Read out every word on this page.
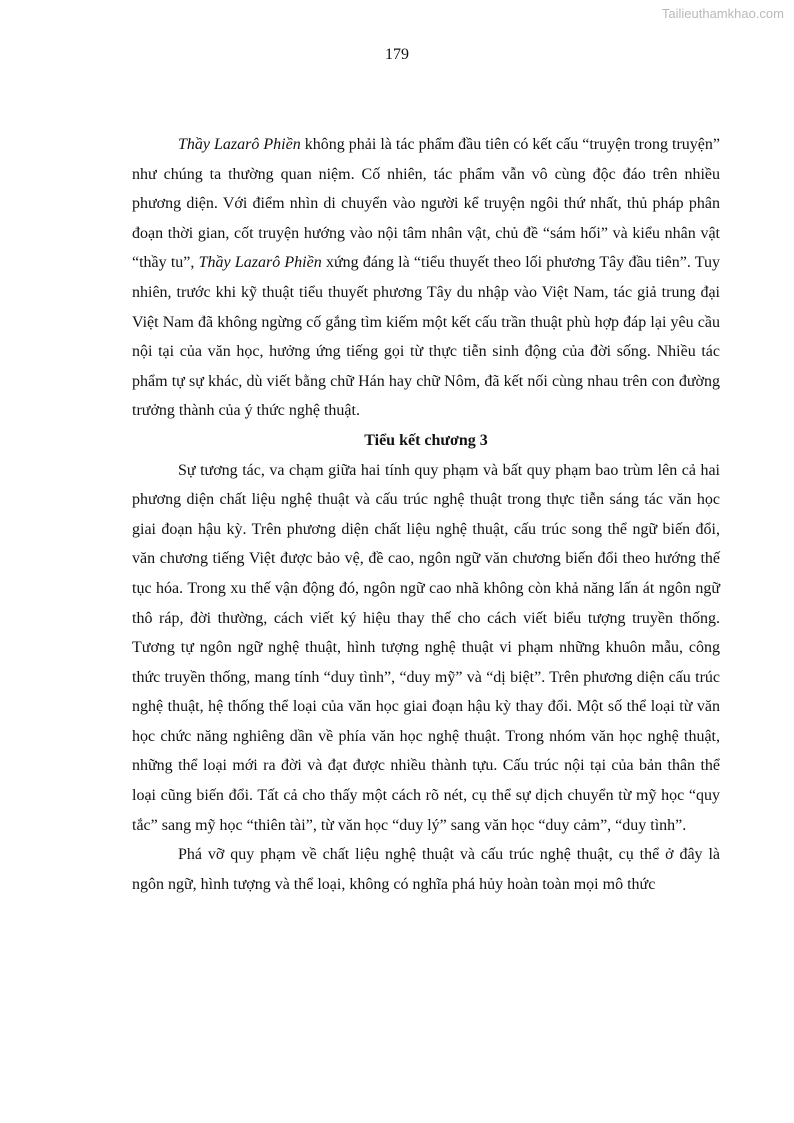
Tailieuthamkhao.com
179

Thầy Lazarô Phiền không phải là tác phẩm đầu tiên có kết cấu “truyện trong truyện” như chúng ta thường quan niệm. Cố nhiên, tác phẩm vẫn vô cùng độc đáo trên nhiều phương diện. Với điểm nhìn di chuyển vào người kể truyện ngôi thứ nhất, thủ pháp phân đoạn thời gian, cốt truyện hướng vào nội tâm nhân vật, chủ đề “sám hối” và kiểu nhân vật “thầy tu”, Thầy Lazarô Phiền xứng đáng là “tiểu thuyết theo lối phương Tây đầu tiên”. Tuy nhiên, trước khi kỹ thuật tiểu thuyết phương Tây du nhập vào Việt Nam, tác giả trung đại Việt Nam đã không ngừng cố gắng tìm kiếm một kết cấu trần thuật phù hợp đáp lại yêu cầu nội tại của văn học, hưởng ứng tiếng gọi từ thực tiễn sinh động của đời sống. Nhiều tác phẩm tự sự khác, dù viết bằng chữ Hán hay chữ Nôm, đã kết nối cùng nhau trên con đường trưởng thành của ý thức nghệ thuật.

Tiểu kết chương 3

Sự tương tác, va chạm giữa hai tính quy phạm và bất quy phạm bao trùm lên cả hai phương diện chất liệu nghệ thuật và cấu trúc nghệ thuật trong thực tiễn sáng tác văn học giai đoạn hậu kỳ. Trên phương diện chất liệu nghệ thuật, cấu trúc song thể ngữ biến đổi, văn chương tiếng Việt được bảo vệ, đề cao, ngôn ngữ văn chương biến đổi theo hướng thế tục hóa. Trong xu thế vận động đó, ngôn ngữ cao nhã không còn khả năng lấn át ngôn ngữ thô ráp, đời thường, cách viết ký hiệu thay thế cho cách viết biểu tượng truyền thống. Tương tự ngôn ngữ nghệ thuật, hình tượng nghệ thuật vi phạm những khuôn mẫu, công thức truyền thống, mang tính “duy tình”, “duy mỹ” và “dị biệt”. Trên phương diện cấu trúc nghệ thuật, hệ thống thể loại của văn học giai đoạn hậu kỳ thay đổi. Một số thể loại từ văn học chức năng nghiêng dần về phía văn học nghệ thuật. Trong nhóm văn học nghệ thuật, những thể loại mới ra đời và đạt được nhiều thành tựu. Cấu trúc nội tại của bản thân thể loại cũng biến đổi. Tất cả cho thấy một cách rõ nét, cụ thể sự dịch chuyển từ mỹ học “quy tắc” sang mỹ học “thiên tài”, từ văn học “duy lý” sang văn học “duy cảm”, “duy tình”.

Phá vỡ quy phạm về chất liệu nghệ thuật và cấu trúc nghệ thuật, cụ thể ở đây là ngôn ngữ, hình tượng và thể loại, không có nghĩa phá hủy hoàn toàn mọi mô thức
